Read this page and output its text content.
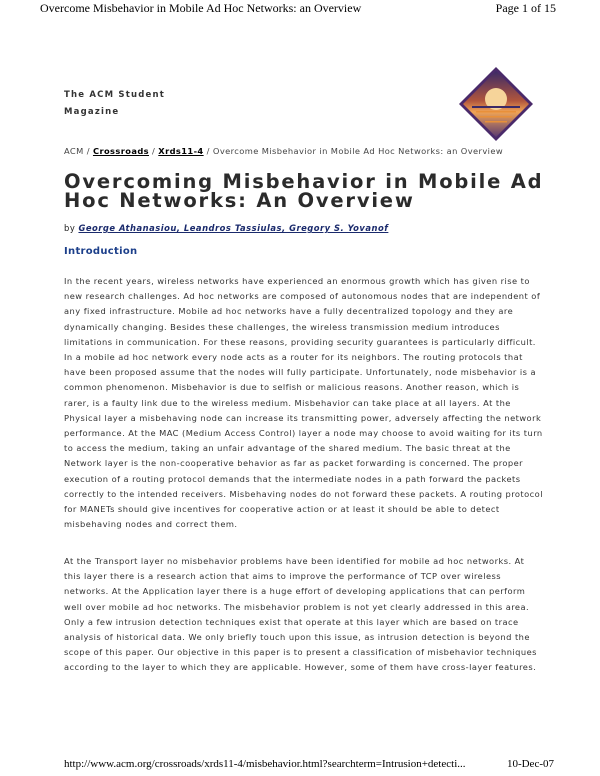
Overcome Misbehavior in Mobile Ad Hoc Networks: an Overview	Page 1 of 15
The ACM Student
Magazine
ACM / Crossroads / Xrds11-4 / Overcome Misbehavior in Mobile Ad Hoc Networks: an Overview
Overcoming Misbehavior in Mobile Ad Hoc Networks: An Overview
by George Athanasiou, Leandros Tassiulas, Gregory S. Yovanof
Introduction

In the recent years, wireless networks have experienced an enormous growth which has given rise to new research challenges. Ad hoc networks are composed of autonomous nodes that are independent of any fixed infrastructure. Mobile ad hoc networks have a fully decentralized topology and they are dynamically changing. Besides these challenges, the wireless transmission medium introduces limitations in communication. For these reasons, providing security guarantees is particularly difficult. In a mobile ad hoc network every node acts as a router for its neighbors. The routing protocols that have been proposed assume that the nodes will fully participate. Unfortunately, node misbehavior is a common phenomenon. Misbehavior is due to selfish or malicious reasons. Another reason, which is rarer, is a faulty link due to the wireless medium. Misbehavior can take place at all layers. At the Physical layer a misbehaving node can increase its transmitting power, adversely affecting the network performance. At the MAC (Medium Access Control) layer a node may choose to avoid waiting for its turn to access the medium, taking an unfair advantage of the shared medium. The basic threat at the Network layer is the non-cooperative behavior as far as packet forwarding is concerned. The proper execution of a routing protocol demands that the intermediate nodes in a path forward the packets correctly to the intended receivers. Misbehaving nodes do not forward these packets. A routing protocol for MANETs should give incentives for cooperative action or at least it should be able to detect misbehaving nodes and correct them.

At the Transport layer no misbehavior problems have been identified for mobile ad hoc networks. At this layer there is a research action that aims to improve the performance of TCP over wireless networks. At the Application layer there is a huge effort of developing applications that can perform well over mobile ad hoc networks. The misbehavior problem is not yet clearly addressed in this area. Only a few intrusion detection techniques exist that operate at this layer which are based on trace analysis of historical data. We only briefly touch upon this issue, as intrusion detection is beyond the scope of this paper. Our objective in this paper is to present a classification of misbehavior techniques according to the layer to which they are applicable. However, some of them have cross-layer features.

http://www.acm.org/crossroads/xrds11-4/misbehavior.html?searchterm=Intrusion+detecti...	10-Dec-07
